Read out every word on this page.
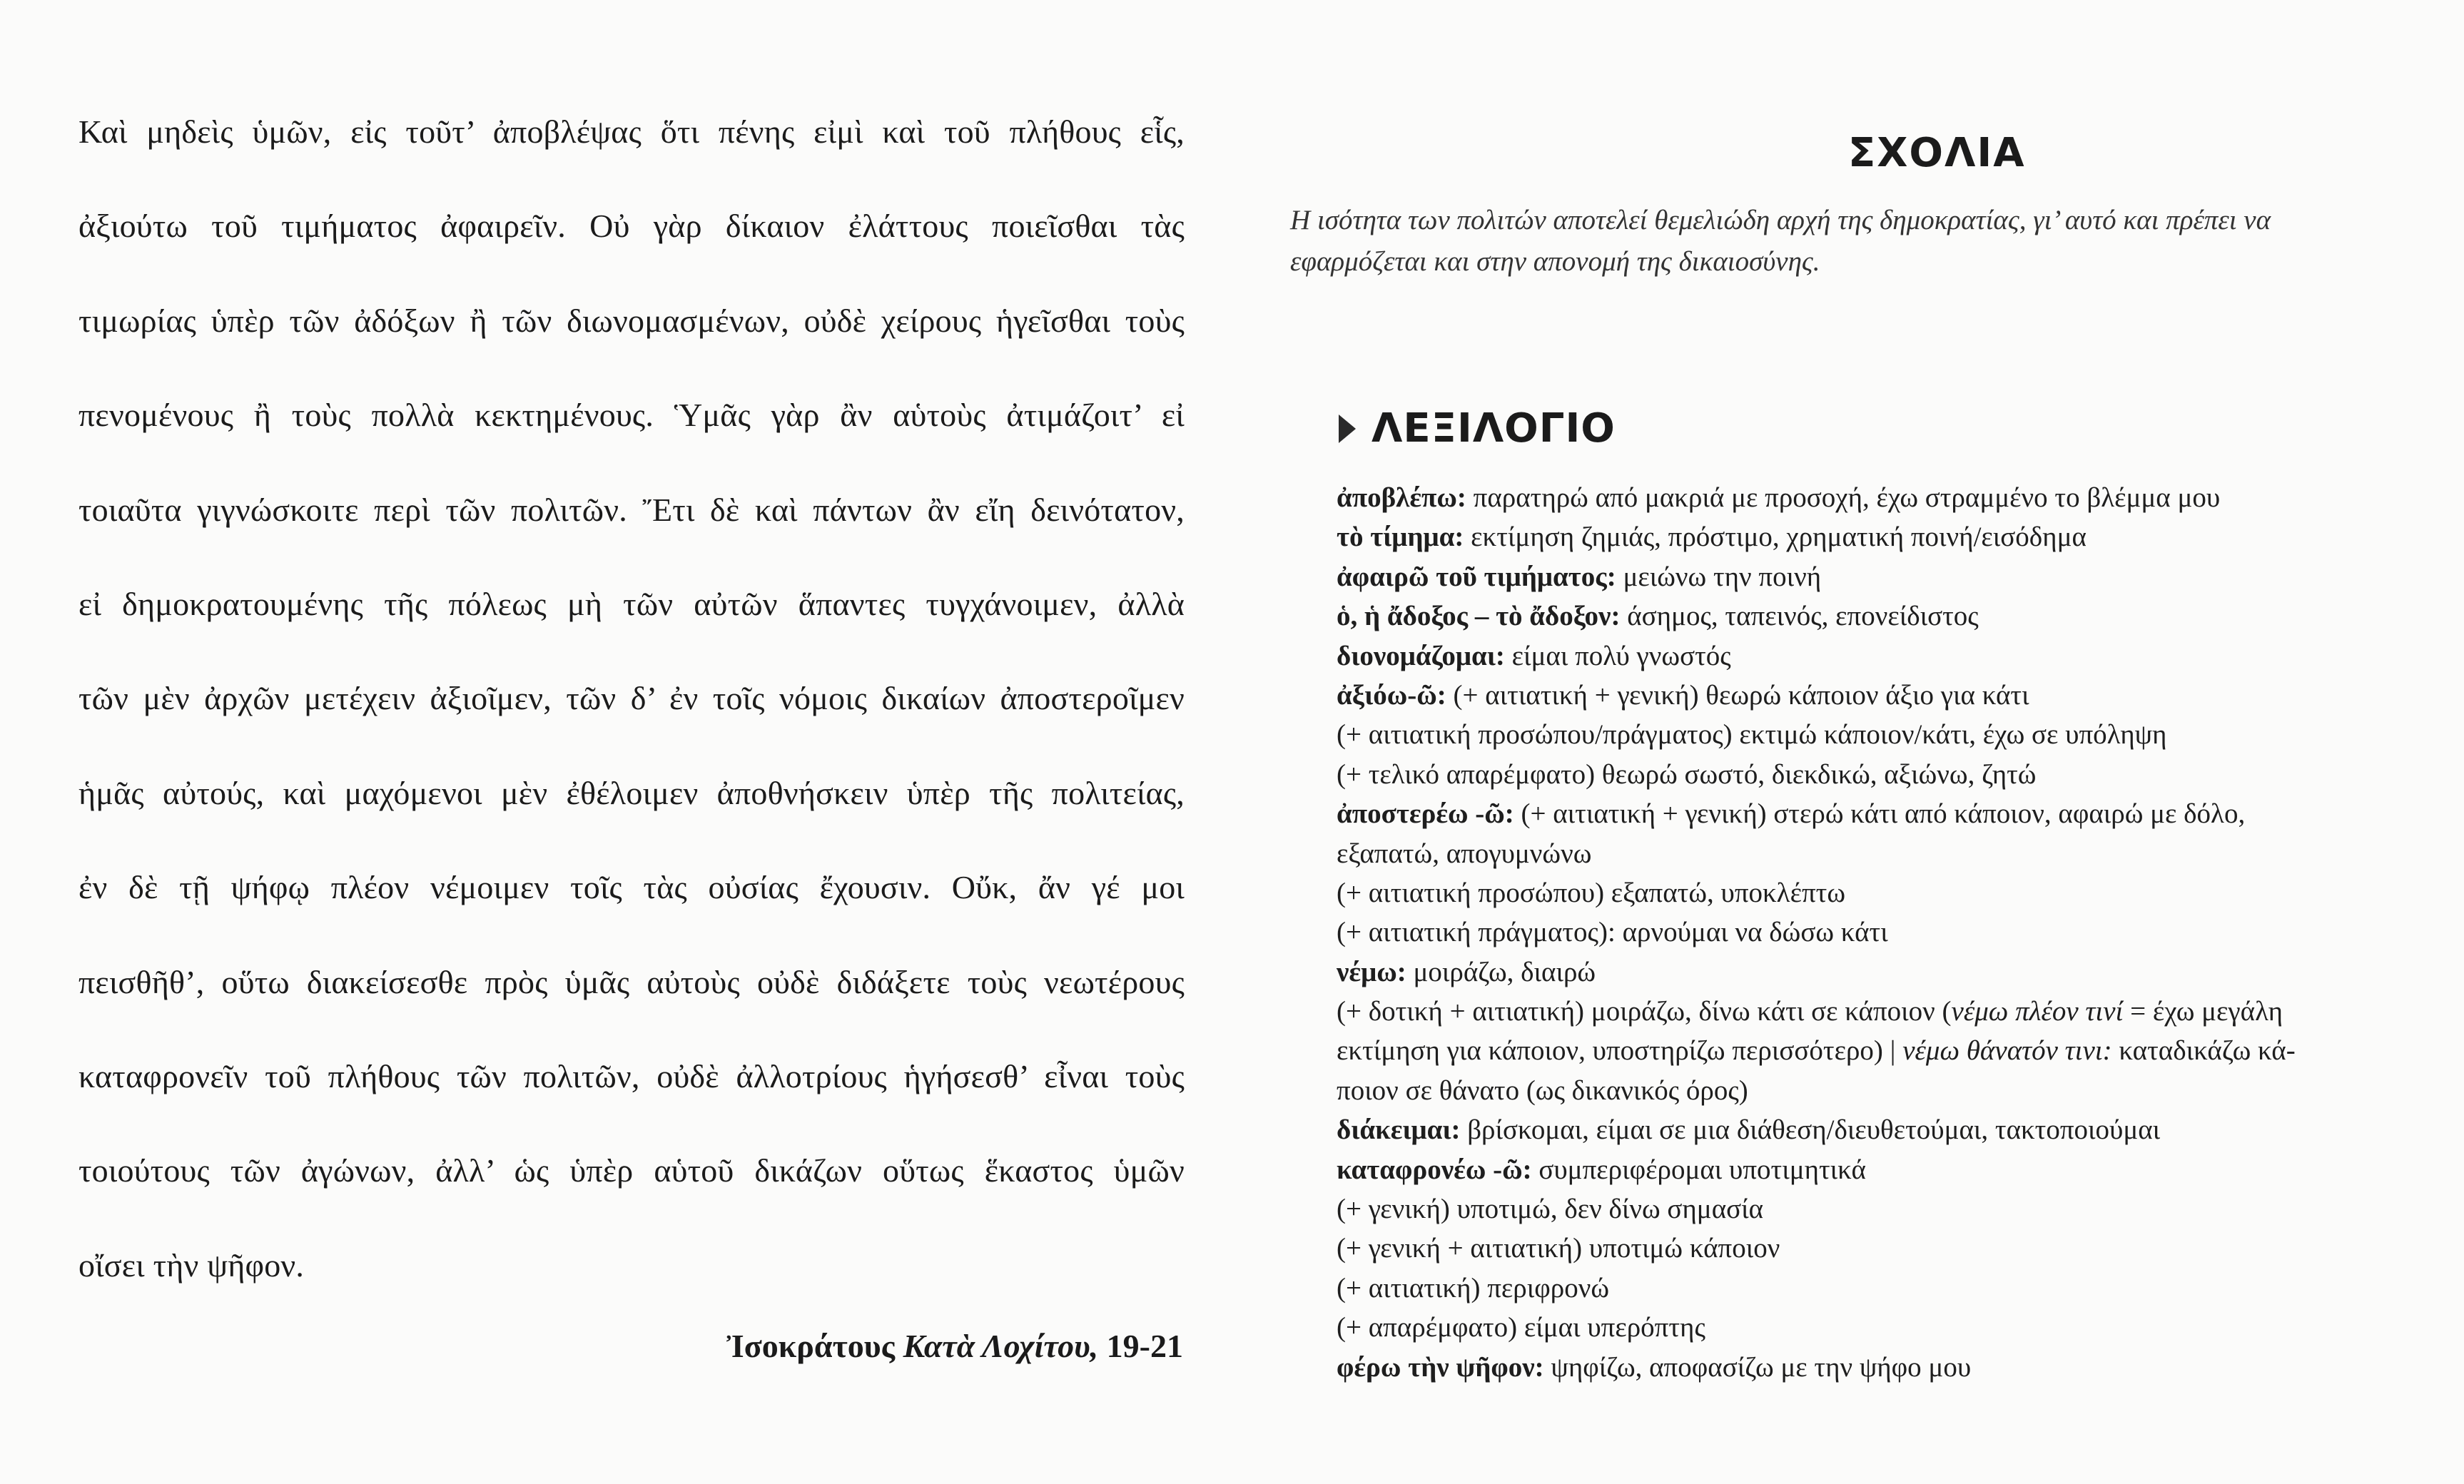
Καὶ μηδεὶς ὑμῶν, εἰς τοῦτ’ ἀποβλέψας ὅτι πένης εἰμὶ καὶ τοῦ πλήθους εἷς,
ἀξιούτω τοῦ τιμήματος ἀφαιρεῖν. Οὐ γὰρ δίκαιον ἐλάττους ποιεῖσθαι τὰς
τιμωρίας ὑπὲρ τῶν ἀδόξων ἢ τῶν διωνομασμένων, οὐδὲ χείρους ἡγεῖσθαι τοὺς
πενομένους ἢ τοὺς πολλὰ κεκτημένους. Ὑμᾶς γὰρ ἂν αὑτοὺς ἀτιμάζοιτ’ εἰ
τοιαῦτα γιγνώσκοιτε περὶ τῶν πολιτῶν. Ἔτι δὲ καὶ πάντων ἂν εἴη δεινότατον,
εἰ δημοκρατουμένης τῆς πόλεως μὴ τῶν αὐτῶν ἅπαντες τυγχάνοιμεν, ἀλλὰ
τῶν μὲν ἀρχῶν μετέχειν ἀξιοῖμεν, τῶν δ’ ἐν τοῖς νόμοις δικαίων ἀποστεροῖμεν
ἡμᾶς αὐτούς, καὶ μαχόμενοι μὲν ἐθέλοιμεν ἀποθνήσκειν ὑπὲρ τῆς πολιτείας,
ἐν δὲ τῇ ψήφῳ πλέον νέμοιμεν τοῖς τὰς οὐσίας ἔχουσιν. Οὔκ, ἄν γέ μοι
πεισθῆθ’, οὕτω διακείσεσθε πρὸς ὑμᾶς αὐτοὺς οὐδὲ διδάξετε τοὺς νεωτέρους
καταφρονεῖν τοῦ πλήθους τῶν πολιτῶν, οὐδὲ ἀλλοτρίους ἡγήσεσθ’ εἶναι τοὺς
τοιούτους τῶν ἀγώνων, ἀλλ’ ὡς ὑπὲρ αὑτοῦ δικάζων οὕτως ἕκαστος ὑμῶν
οἴσει τὴν ψῆφον.
Ἰσοκράτους Κατὰ Λοχίτου, 19-21
ΣΧΟΛΙΑ
Η ισότητα των πολιτών αποτελεί θεμελιώδη αρχή της δημοκρατίας, γι’ αυτό και πρέπει να εφαρμόζεται και στην απονομή της δικαιοσύνης.
ΛΕΞΙΛΟΓΙΟ
ἀποβλέπω: παρατηρώ από μακριά με προσοχή, έχω στραμμένο το βλέμμα μου
τὸ τίμημα: εκτίμηση ζημιάς, πρόστιμο, χρηματική ποινή/εισόδημα
ἀφαιρῶ τοῦ τιμήματος: μειώνω την ποινή
ὁ, ἡ ἄδοξος – τὸ ἄδοξον: άσημος, ταπεινός, επονείδιστος
διονομάζομαι: είμαι πολύ γνωστός
ἀξιόω-ῶ: (+ αιτιατική + γενική) θεωρώ κάποιον άξιο για κάτι
(+ αιτιατική προσώπου/πράγματος) εκτιμώ κάποιον/κάτι, έχω σε υπόληψη
(+ τελικό απαρέμφατο) θεωρώ σωστό, διεκδικώ, αξιώνω, ζητώ
ἀποστερέω -ῶ: (+ αιτιατική + γενική) στερώ κάτι από κάποιον, αφαιρώ με δόλο,
εξαπατώ, απογυμνώνω
(+ αιτιατική προσώπου) εξαπατώ, υποκλέπτω
(+ αιτιατική πράγματος): αρνούμαι να δώσω κάτι
νέμω: μοιράζω, διαιρώ
(+ δοτική + αιτιατική) μοιράζω, δίνω κάτι σε κάποιον (νέμω πλέον τινί = έχω μεγάλη
εκτίμηση για κάποιον, υποστηρίζω περισσότερο) | νέμω θάνατόν τινι: καταδικάζω κά-
ποιον σε θάνατο (ως δικανικός όρος)
διάκειμαι: βρίσκομαι, είμαι σε μια διάθεση/διευθετούμαι, τακτοποιούμαι
καταφρονέω -ῶ: συμπεριφέρομαι υποτιμητικά
(+ γενική) υποτιμώ, δεν δίνω σημασία
(+ γενική + αιτιατική) υποτιμώ κάποιον
(+ αιτιατική) περιφρονώ
(+ απαρέμφατο) είμαι υπερόπτης
φέρω τὴν ψῆφον: ψηφίζω, αποφασίζω με την ψήφο μου
